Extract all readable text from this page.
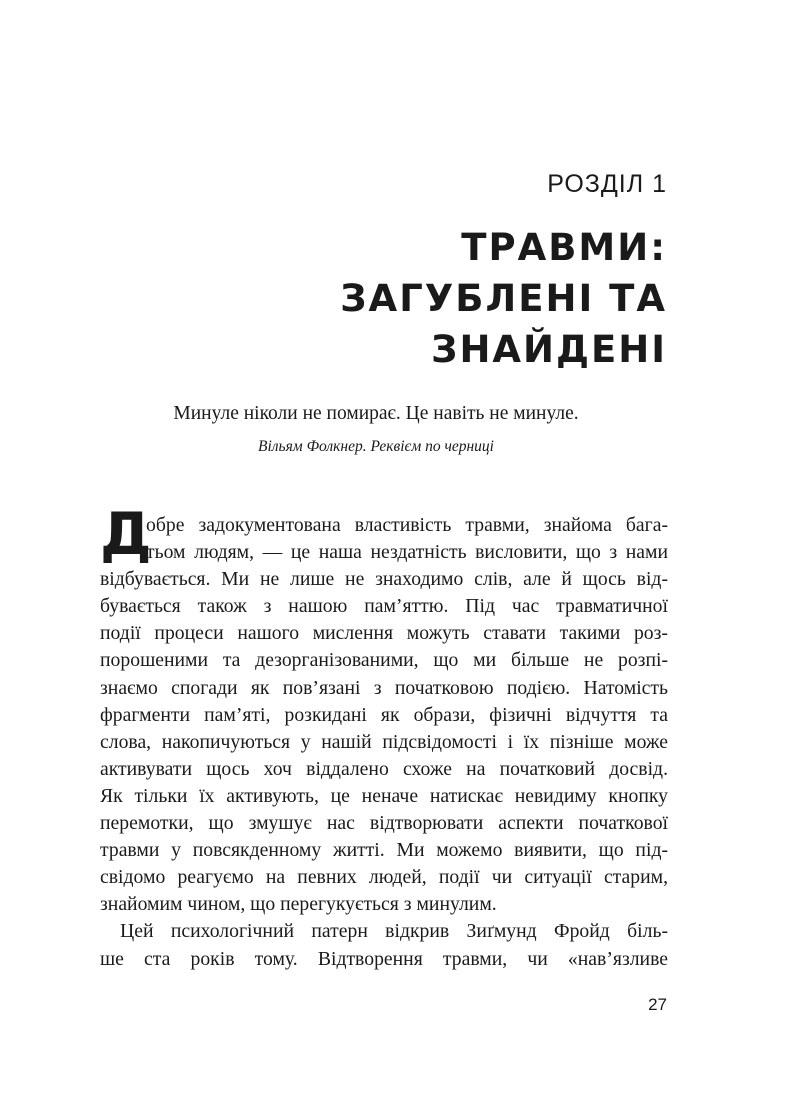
РОЗДІЛ 1
ТРАВМИ:
ЗАГУБЛЕНІ ТА ЗНАЙДЕНІ
Минуле ніколи не помирає. Це навіть не минуле.
Вільям Фолкнер. Реквієм по черниці
Д
обре задокументована властивість травми, знайома бага-
тьом людям, — це наша нездатність висловити, що з нами
відбувається. Ми не лише не знаходимо слів, але й щось від-
бувається також з нашою пам’яттю. Під час травматичної
події процеси нашого мислення можуть ставати такими роз-
порошеними та дезорганізованими, що ми більше не розпі-
знаємо спогади як пов’язані з початковою подією. Натомість
фрагменти пам’яті, розкидані як образи, фізичні відчуття та
слова, накопичуються у нашій підсвідомості і їх пізніше може
активувати щось хоч віддалено схоже на початковий досвід.
Як тільки їх активують, це неначе натискає невидиму кнопку
перемотки, що змушує нас відтворювати аспекти початкової
травми у повсякденному житті. Ми можемо виявити, що під-
свідомо реагуємо на певних людей, події чи ситуації старим,
знайомим чином, що перегукується з минулим.
Цей психологічний патерн відкрив Зиґмунд Фройд біль-
ше ста років тому. Відтворення травми, чи «нав’язливе
27
